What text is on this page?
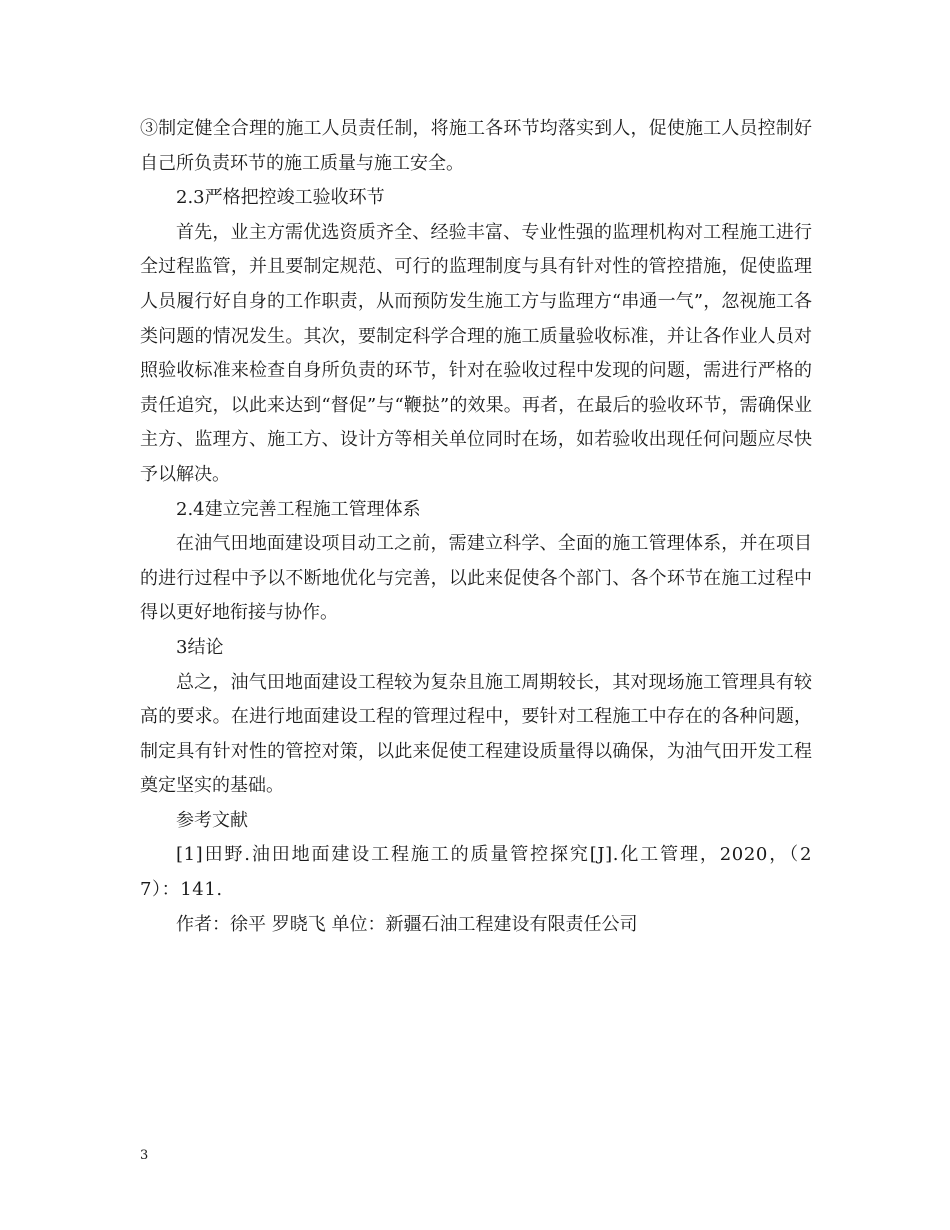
③制定健全合理的施工人员责任制，将施工各环节均落实到人，促使施工人员控制好自己所负责环节的施工质量与施工安全。

2.3严格把控竣工验收环节

首先，业主方需优选资质齐全、经验丰富、专业性强的监理机构对工程施工进行全过程监管，并且要制定规范、可行的监理制度与具有针对性的管控措施，促使监理人员履行好自身的工作职责，从而预防发生施工方与监理方“串通一气”，忽视施工各类问题的情况发生。其次，要制定科学合理的施工质量验收标准，并让各作业人员对照验收标准来检查自身所负责的环节，针对在验收过程中发现的问题，需进行严格的责任追究，以此来达到“督促”与“鞭挞”的效果。再者，在最后的验收环节，需确保业主方、监理方、施工方、设计方等相关单位同时在场，如若验收出现任何问题应尽快予以解决。

2.4建立完善工程施工管理体系

在油气田地面建设项目动工之前，需建立科学、全面的施工管理体系，并在项目的进行过程中予以不断地优化与完善，以此来促使各个部门、各个环节在施工过程中得以更好地衔接与协作。

3结论

总之，油气田地面建设工程较为复杂且施工周期较长，其对现场施工管理具有较高的要求。在进行地面建设工程的管理过程中，要针对工程施工中存在的各种问题，制定具有针对性的管控对策，以此来促使工程建设质量得以确保，为油气田开发工程奠定坚实的基础。

参考文献

[1]田野.油田地面建设工程施工的质量管控探究[J].化工管理，2020，（27）：141.

作者：徐平 罗晓飞 单位：新疆石油工程建设有限责任公司

3
